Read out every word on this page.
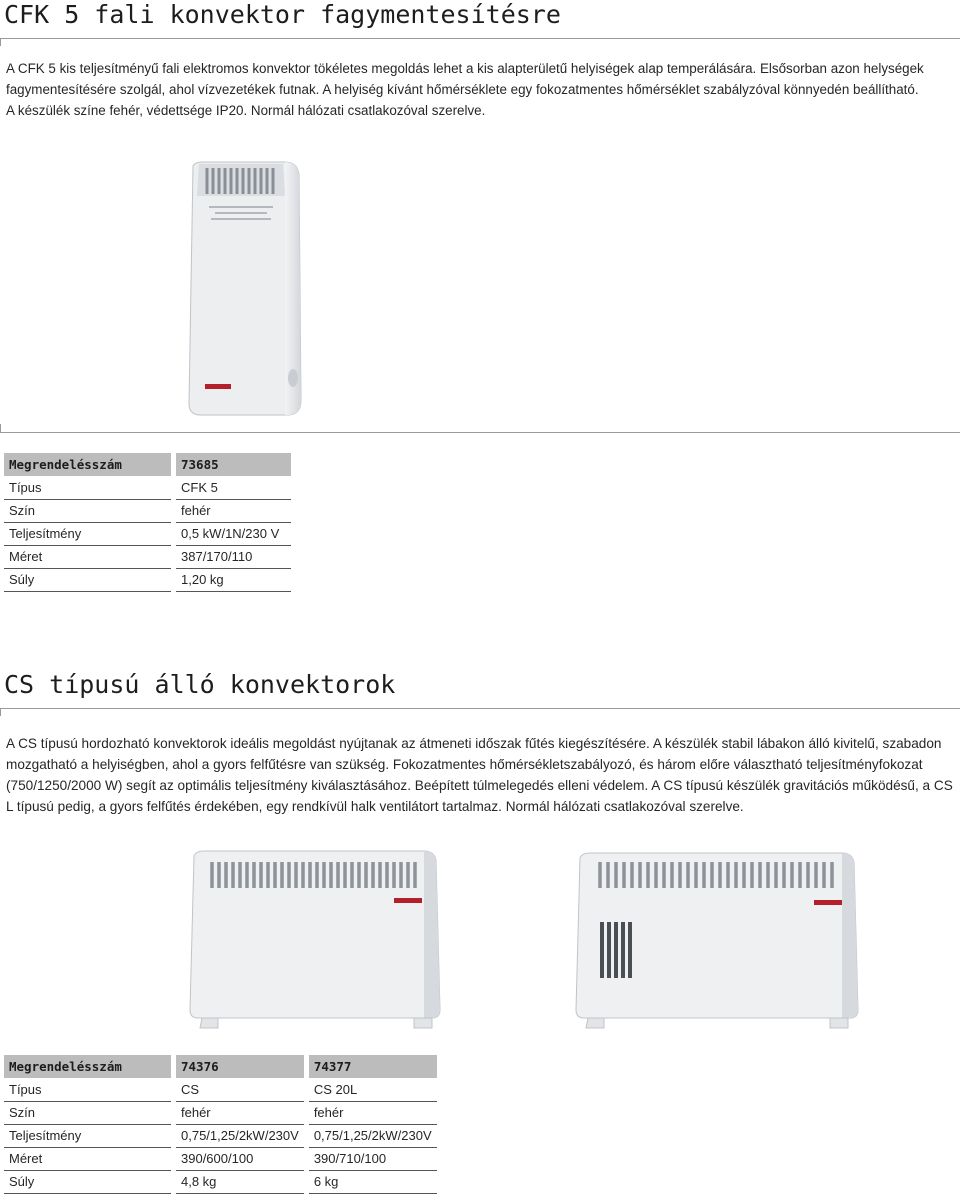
CFK 5 fali konvektor fagymentesítésre

A CFK 5 kis teljesítményű fali elektromos konvektor tökéletes megoldás lehet a kis alapterületű helyiségek alap temperálására. Elsősorban azon helységek fagymentesítésére szolgál, ahol vízvezetékek futnak. A helyiség kívánt hőmérséklete egy fokozatmentes hőmérséklet szabályzóval könnyedén beállítható.

A készülék színe fehér, védettsége IP20. Normál hálózati csatlakozóval szerelve.

Megrendelésszám		73685
Típus		CFK 5
Szín		fehér
Teljesítmény		0,5 kW/1N/230 V
Méret		387/170/110
Súly		1,20 kg
CS típusú álló konvektorok

A CS típusú hordozható konvektorok ideális megoldást nyújtanak az átmeneti időszak fűtés kiegészítésére. A készülék stabil lábakon álló kivitelű, szabadon mozgatható a helyiségben, ahol a gyors felfűtésre van szükség. Fokozatmentes hőmérsékletszabályozó, és három előre választható teljesítményfokozat (750/1250/2000 W) segít az optimális teljesítmény kiválasztásához. Beépített túlmelegedés elleni védelem. A CS típusú készülék gravitációs működésű, a CS L típusú pedig, a gyors felfűtés érdekében, egy rendkívül halk ventilátort tartalmaz. Normál hálózati csatlakozóval szerelve.

Megrendelésszám		74376		74377
Típus		CS		CS 20L
Szín		fehér		fehér
Teljesítmény		0,75/1,25/2kW/230V		0,75/1,25/2kW/230V
Méret		390/600/100		390/710/100
Súly		4,8 kg		6 kg
